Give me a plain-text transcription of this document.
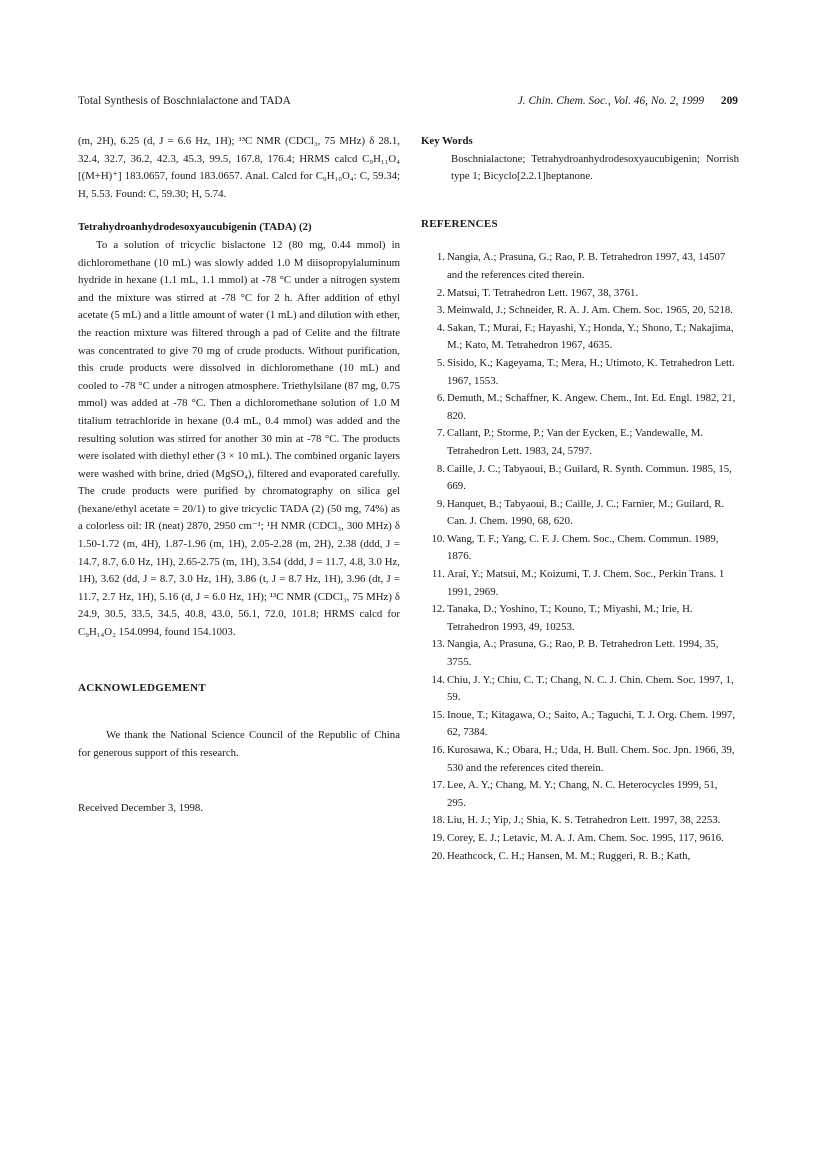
Total Synthesis of Boschnialactone and TADA	J. Chin. Chem. Soc., Vol. 46, No. 2, 1999 209

(m, 2H), 6.25 (d, J = 6.6 Hz, 1H); ¹³C NMR (CDCl₃, 75 MHz) δ 28.1, 32.4, 32.7, 36.2, 42.3, 45.3, 99.5, 167.8, 176.4; HRMS calcd C₉H₁₁O₄ [(M+H)⁺] 183.0657, found 183.0657. Anal. Calcd for C₉H₁₀O₄: C, 59.34; H, 5.53. Found: C, 59.30; H, 5.74.

Tetrahydroanhydrodesoxyaucubigenin (TADA) (2)

To a solution of tricyclic bislactone 12 (80 mg, 0.44 mmol) in dichloromethane (10 mL) was slowly added 1.0 M diisopropylaluminum hydride in hexane (1.1 mL, 1.1 mmol) at -78 °C under a nitrogen system and the mixture was stirred at -78 °C for 2 h. After addition of ethyl acetate (5 mL) and a little amount of water (1 mL) and dilution with ether, the reaction mixture was filtered through a pad of Celite and the filtrate was concentrated to give 70 mg of crude products. Without purification, this crude products were dissolved in dichloromethane (10 mL) and cooled to -78 °C under a nitrogen atmosphere. Triethylsilane (87 mg, 0.75 mmol) was added at -78 °C. Then a dichloromethane solution of 1.0 M titalium tetrachloride in hexane (0.4 mL, 0.4 mmol) was added and the resulting solution was stirred for another 30 min at -78 °C. The products were isolated with diethyl ether (3 × 10 mL). The combined organic layers were washed with brine, dried (MgSO₄), filtered and evaporated carefully. The crude products were purified by chromatography on silica gel (hexane/ethyl acetate = 20/1) to give tricyclic TADA (2) (50 mg, 74%) as a colorless oil: IR (neat) 2870, 2950 cm⁻¹; ¹H NMR (CDCl₃, 300 MHz) δ 1.50-1.72 (m, 4H), 1.87-1.96 (m, 1H), 2.05-2.28 (m, 2H), 2.38 (ddd, J = 14.7, 8.7, 6.0 Hz, 1H), 2.65-2.75 (m, 1H), 3.54 (ddd, J = 11.7, 4.8, 3.0 Hz, 1H), 3.62 (dd, J = 8.7, 3.0 Hz, 1H), 3.86 (t, J = 8.7 Hz, 1H), 3.96 (dt, J = 11.7, 2.7 Hz, 1H), 5.16 (d, J = 6.0 Hz, 1H); ¹³C NMR (CDCl₃, 75 MHz) δ 24.9, 30.5, 33.5, 34.5, 40.8, 43.0, 56.1, 72.0, 101.8; HRMS calcd for C₉H₁₄O₂ 154.0994, found 154.1003.

ACKNOWLEDGEMENT

We thank the National Science Council of the Republic of China for generous support of this research.

Received December 3, 1998.

Key Words

Boschnialactone; Tetrahydroanhydrodesoxyaucubigenin; Norrish type 1; Bicyclo[2.2.1]heptanone.

REFERENCES

1. Nangia, A.; Prasuna, G.; Rao, P. B. Tetrahedron 1997, 43, 14507 and the references cited therein.
2. Matsui, T. Tetrahedron Lett. 1967, 38, 3761.
3. Meinwald, J.; Schneider, R. A. J. Am. Chem. Soc. 1965, 20, 5218.
4. Sakan, T.; Murai, F.; Hayashi, Y.; Honda, Y.; Shono, T.; Nakajima, M.; Kato, M. Tetrahedron 1967, 4635.
5. Sisido, K.; Kageyama, T.; Mera, H.; Utimoto, K. Tetrahedron Lett. 1967, 1553.
6. Demuth, M.; Schaffner, K. Angew. Chem., Int. Ed. Engl. 1982, 21, 820.
7. Callant, P.; Storme, P.; Van der Eycken, E.; Vandewalle, M. Tetrahedron Lett. 1983, 24, 5797.
8. Caille, J. C.; Tabyaoui, B.; Guilard, R. Synth. Commun. 1985, 15, 669.
9. Hanquet, B.; Tabyaoui, B.; Caille, J. C.; Farnier, M.; Guilard, R. Can. J. Chem. 1990, 68, 620.
10. Wang, T. F.; Yang, C. F. J. Chem. Soc., Chem. Commun. 1989, 1876.
11. Arai, Y.; Matsui, M.; Koizumi, T. J. Chem. Soc., Perkin Trans. 1 1991, 2969.
12. Tanaka, D.; Yoshino, T.; Kouno, T.; Miyashi, M.; Irie, H. Tetrahedron 1993, 49, 10253.
13. Nangia, A.; Prasuna, G.; Rao, P. B. Tetrahedron Lett. 1994, 35, 3755.
14. Chiu, J. Y.; Chiu, C. T.; Chang, N. C. J. Chin. Chem. Soc. 1997, 1, 59.
15. Inoue, T.; Kitagawa, O.; Saito, A.; Taguchi, T. J. Org. Chem. 1997, 62, 7384.
16. Kurosawa, K.; Obara, H.; Uda, H. Bull. Chem. Soc. Jpn. 1966, 39, 530 and the references cited therein.
17. Lee, A. Y.; Chang, M. Y.; Chang, N. C. Heterocycles 1999, 51, 295.
18. Liu, H. J.; Yip, J.; Shia, K. S. Tetrahedron Lett. 1997, 38, 2253.
19. Corey, E. J.; Letavic, M. A. J. Am. Chem. Soc. 1995, 117, 9616.
20. Heathcock, C. H.; Hansen, M. M.; Ruggeri, R. B.; Kath,
